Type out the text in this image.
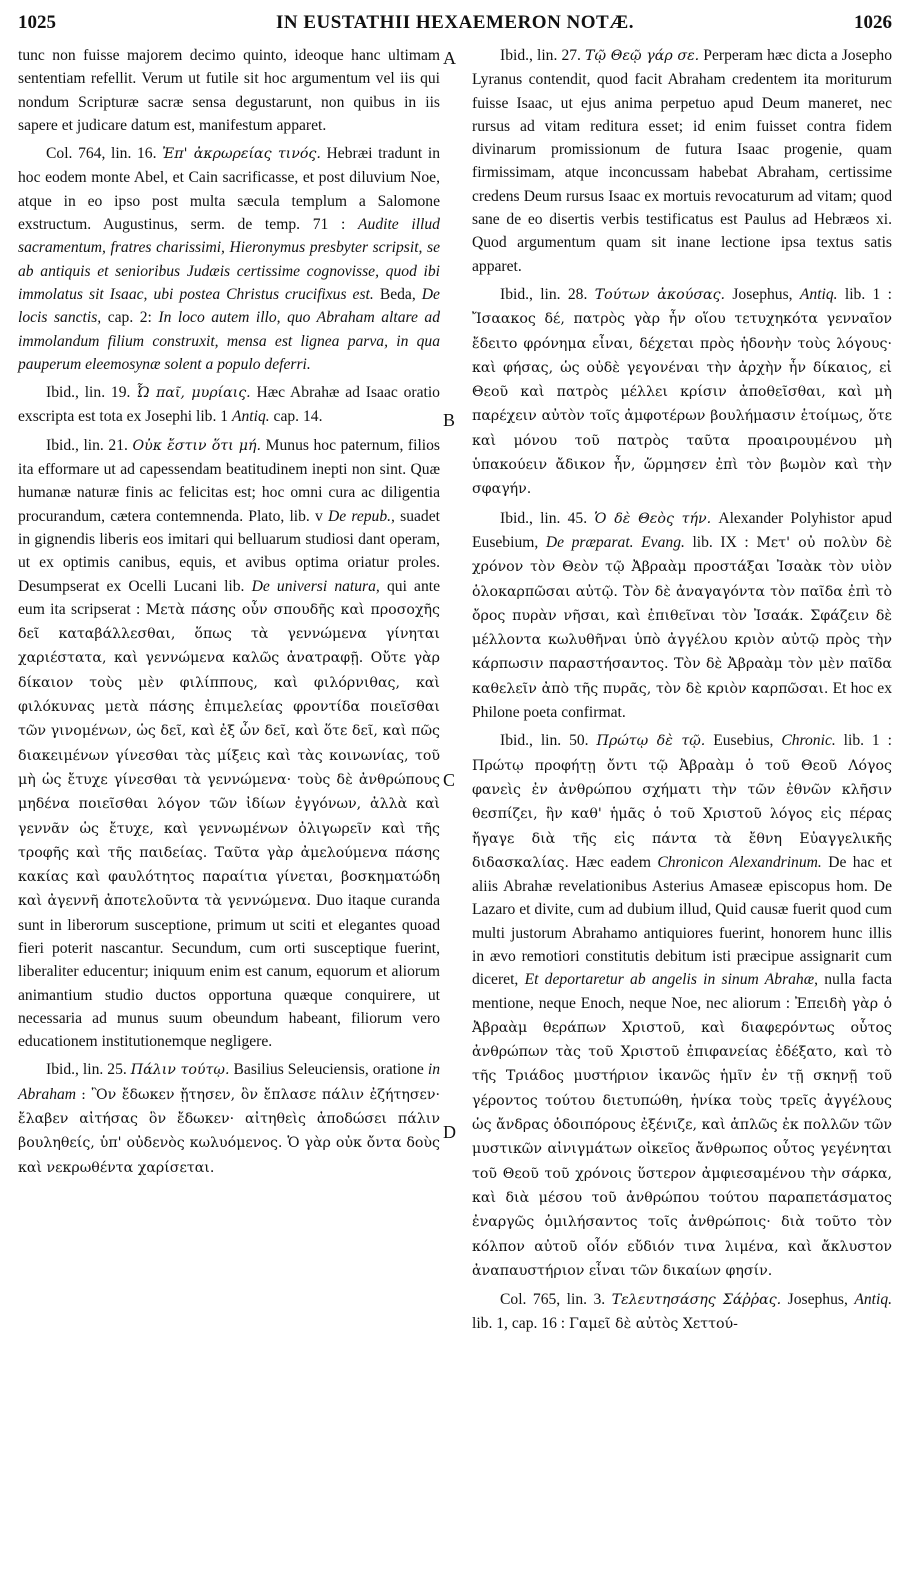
1025	IN EUSTATHII HEXAEMERON NOTÆ.	1026
A
B
C
D

tunc non fuisse majorem decimo quinto, ideoque hanc ultimam sententiam refellit. Verum ut futile sit hoc argumentum vel iis qui nondum Scripturæ sacræ sensa degustarunt, non quibus in iis sapere et judicare datum est, manifestum apparet.

Col. 764, lin. 16. Ἐπ' ἀκρωρείας τινός. Hebræi tradunt in hoc eodem monte Abel, et Cain sacrificasse, et post diluvium Noe, atque in eo ipso post multa sæcula templum a Salomone exstructum. Augustinus, serm. de temp. 71 : Audite illud sacramentum, fratres charissimi, Hieronymus presbyter scripsit, se ab antiquis et senioribus Judæis certissime cognovisse, quod ibi immolatus sit Isaac, ubi postea Christus crucifixus est. Beda, De locis sanctis, cap. 2: In loco autem illo, quo Abraham altare ad immolandum filium construxit, mensa est lignea parva, in qua pauperum eleemosynæ solent a populo deferri.

Ibid., lin. 19. Ὦ παῖ, μυρίαις. Hæc Abrahæ ad Isaac oratio exscripta est tota ex Josephi lib. 1 Antiq. cap. 14.

Ibid., lin. 21. Οὐκ ἔστιν ὅτι μή. Munus hoc paternum, filios ita efformare ut ad capessendam beatitudinem inepti non sint. Quæ humanæ naturæ finis ac felicitas est; hoc omni cura ac diligentia procurandum, cætera contemnenda. Plato, lib. v De repub., suadet in gignendis liberis eos imitari qui belluarum studiosi dant operam, ut ex optimis canibus, equis, et avibus optima oriatur proles. Desumpserat ex Ocelli Lucani lib. De universi natura, qui ante eum ita scripserat : Μετὰ πάσης οὖν σπουδῆς καὶ προσοχῆς δεῖ καταβάλλεσθαι, ὅπως τὰ γεννώμενα γίνηται χαριέστατα, καὶ γεννώμενα καλῶς ἀνατραφῇ. Οὔτε γὰρ δίκαιον τοὺς μὲν φιλίππους, καὶ φιλόρνιθας, καὶ φιλόκυνας μετὰ πάσης ἐπιμελείας φροντίδα ποιεῖσθαι τῶν γινομένων, ὡς δεῖ, καὶ ἐξ ὧν δεῖ, καὶ ὅτε δεῖ, καὶ πῶς διακειμένων γίνεσθαι τὰς μίξεις καὶ τὰς κοινωνίας, τοῦ μὴ ὡς ἔτυχε γίνεσθαι τὰ γεννώμενα· τοὺς δὲ ἀνθρώπους μηδένα ποιεῖσθαι λόγον τῶν ἰδίων ἐγγόνων, ἀλλὰ καὶ γεννᾶν ὡς ἔτυχε, καὶ γεννωμένων ὀλιγωρεῖν καὶ τῆς τροφῆς καὶ τῆς παιδείας. Ταῦτα γὰρ ἀμελούμενα πάσης κακίας καὶ φαυλότητος παραίτια γίνεται, βοσκηματώδη καὶ ἀγεννῆ ἀποτελοῦντα τὰ γεννώμενα. Duo itaque curanda sunt in liberorum susceptione, primum ut sciti et elegantes quoad fieri poterit nascantur. Secundum, cum orti susceptique fuerint, liberaliter educentur; iniquum enim est canum, equorum et aliorum animantium studio ductos opportuna quæque conquirere, ut necessaria ad munus suum obeundum habeant, filiorum vero educationem institutionemque negligere.

Ibid., lin. 25. Πάλιν τούτῳ. Basilius Seleuciensis, oratione in Abraham : Ὃν ἔδωκεν ᾔτησεν, ὃν ἔπλασε πάλιν ἐζήτησεν· ἔλαβεν αἰτήσας ὃν ἔδωκεν· αἰτηθεὶς ἀποδώσει πάλιν βουληθείς, ὑπ' οὐδενὸς κωλυόμενος. Ὁ γὰρ οὐκ ὄντα δοὺς καὶ νεκρωθέντα χαρίσεται.

Ibid., lin. 27. Τῷ Θεῷ γάρ σε. Perperam hæc dicta a Josepho Lyranus contendit, quod facit Abraham credentem ita moriturum fuisse Isaac, ut ejus anima perpetuo apud Deum maneret, nec rursus ad vitam reditura esset; id enim fuisset contra fidem divinarum promissionum de futura Isaac progenie, quam firmissimam, atque inconcussam habebat Abraham, certissime credens Deum rursus Isaac ex mortuis revocaturum ad vitam; quod sane de eo disertis verbis testificatus est Paulus ad Hebræos xi. Quod argumentum quam sit inane lectione ipsa textus satis apparet.

Ibid., lin. 28. Τούτων ἀκούσας. Josephus, Antiq. lib. 1 : Ἴσαακος δέ, πατρὸς γὰρ ἦν οἵου τετυχηκότα γενναῖον ἔδειτο φρόνημα εἶναι, δέχεται πρὸς ἡδονὴν τοὺς λόγους· καὶ φήσας, ὡς οὐδὲ γεγονέναι τὴν ἀρχὴν ἦν δίκαιος, εἰ Θεοῦ καὶ πατρὸς μέλλει κρίσιν ἀποθεῖσθαι, καὶ μὴ παρέχειν αὐτὸν τοῖς ἀμφοτέρων βουλήμασιν ἑτοίμως, ὅτε καὶ μόνου τοῦ πατρὸς ταῦτα προαιρουμένου μὴ ὑπακούειν ἄδικον ἦν, ὥρμησεν ἐπὶ τὸν βωμὸν καὶ τὴν σφαγήν.

Ibid., lin. 45. Ὁ δὲ Θεὸς τήν. Alexander Polyhistor apud Eusebium, De præparat. Evang. lib. IX : Μετ' οὐ πολὺν δὲ χρόνον τὸν Θεὸν τῷ Ἀβραὰμ προστάξαι Ἰσαὰκ τὸν υἱὸν ὁλοκαρπῶσαι αὐτῷ. Τὸν δὲ ἀναγαγόντα τὸν παῖδα ἐπὶ τὸ ὄρος πυρὰν νῆσαι, καὶ ἐπιθεῖναι τὸν Ἰσαάκ. Σφάζειν δὲ μέλλοντα κωλυθῆναι ὑπὸ ἀγγέλου κριὸν αὐτῷ πρὸς τὴν κάρπωσιν παραστήσαντος. Τὸν δὲ Ἀβραὰμ τὸν μὲν παῖδα καθελεῖν ἀπὸ τῆς πυρᾶς, τὸν δὲ κριὸν καρπῶσαι. Et hoc ex Philone poeta confirmat.

Ibid., lin. 50. Πρώτῳ δὲ τῷ. Eusebius, Chronic. lib. 1 : Πρώτῳ προφήτῃ ὄντι τῷ Ἀβραὰμ ὁ τοῦ Θεοῦ Λόγος φανεὶς ἐν ἀνθρώπου σχήματι τὴν τῶν ἐθνῶν κλῆσιν θεσπίζει, ἣν καθ' ἡμᾶς ὁ τοῦ Χριστοῦ λόγος εἰς πέρας ἤγαγε διὰ τῆς εἰς πάντα τὰ ἔθνη Εὐαγγελικῆς διδασκαλίας. Hæc eadem Chronicon Alexandrinum. De hac et aliis Abrahæ revelationibus Asterius Amaseæ episcopus hom. De Lazaro et divite, cum ad dubium illud, Quid causæ fuerit quod cum multi justorum Abrahamo antiquiores fuerint, honorem hunc illis in ævo remotiori constitutis debitum isti præcipue assignarit cum diceret, Et deportaretur ab angelis in sinum Abrahæ, nulla facta mentione, neque Enoch, neque Noe, nec aliorum : Ἐπειδὴ γὰρ ὁ Ἀβραὰμ θεράπων Χριστοῦ, καὶ διαφερόντως οὗτος ἀνθρώπων τὰς τοῦ Χριστοῦ ἐπιφανείας ἐδέξατο, καὶ τὸ τῆς Τριάδος μυστήριον ἱκανῶς ἡμῖν ἐν τῇ σκηνῇ τοῦ γέροντος τούτου διετυπώθη, ἡνίκα τοὺς τρεῖς ἀγγέλους ὡς ἄνδρας ὁδοιπόρους ἐξένιζε, καὶ ἁπλῶς ἐκ πολλῶν τῶν μυστικῶν αἰνιγμάτων οἰκεῖος ἄνθρωπος οὗτος γεγένηται τοῦ Θεοῦ τοῦ χρόνοις ὕστερον ἀμφιεσαμένου τὴν σάρκα, καὶ διὰ μέσου τοῦ ἀνθρώπου τούτου παραπετάσματος ἐναργῶς ὁμιλήσαντος τοῖς ἀνθρώποις· διὰ τοῦτο τὸν κόλπον αὐτοῦ οἷόν εὔδιόν τινα λιμένα, καὶ ἄκλυστον ἀναπαυστήριον εἶναι τῶν δικαίων φησίν.

Col. 765, lin. 3. Τελευτησάσης Σάῤῥας. Josephus, Antiq. lib. 1, cap. 16 : Γαμεῖ δὲ αὐτὸς Χεττού-
